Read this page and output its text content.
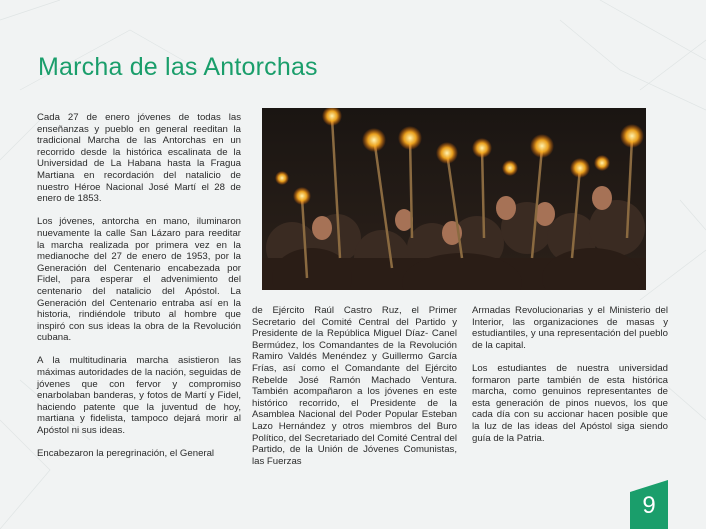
Marcha de las Antorchas

Cada 27 de enero jóvenes de todas las enseñanzas y pueblo en general reeditan la tradicional Marcha de las Antorchas en un recorrido desde la histórica escalinata de la Universidad de La Habana hasta la Fragua Martiana en recordación del natalicio de nuestro Héroe Nacional José Martí el 28 de enero de 1853.

Los jóvenes, antorcha en mano, iluminaron nuevamente la calle San Lázaro para reeditar la marcha realizada por primera vez en la medianoche del 27 de enero de 1953, por la Generación del Centenario encabezada por Fidel, para esperar el advenimiento del centenario del natalicio del Apóstol. La Generación del Centenario entraba así en la historia, rindiéndole tributo al hombre que inspiró con sus ideas la obra de la Revolución cubana.

A la multitudinaria marcha asistieron las máximas autoridades de la nación, seguidas de jóvenes que con fervor y compromiso enarbolaban banderas, y fotos de Martí y Fidel, haciendo patente que la juventud de hoy, martiana y fidelista, tampoco dejará morir al Apóstol ni sus ideas.

Encabezaron la peregrinación, el General

de Ejército Raúl Castro Ruz, el Primer Secretario del Comité Central del Partido y Presidente de la República Miguel Díaz- Canel Bermúdez, los Comandantes de la Revolución Ramiro Valdés Menéndez y Guillermo García Frías, así como el Comandante del Ejército Rebelde José Ramón Machado Ventura. También acompañaron a los jóvenes en este histórico recorrido, el Presidente de la Asamblea Nacional del Poder Popular Esteban Lazo Hernández y otros miembros del Buro Político, del Secretariado del Comité Central del Partido, de la Unión de Jóvenes Comunistas, las Fuerzas

Armadas Revolucionarias y el Ministerio del Interior, las organizaciones de masas y estudiantiles, y una representación del pueblo de la capital.

Los estudiantes de nuestra universidad formaron parte también de esta histórica marcha, como genuinos representantes de esta generación de pinos nuevos, los que cada día con su accionar hacen posible que la luz de las ideas del Apóstol siga siendo guía de la Patria.

9
